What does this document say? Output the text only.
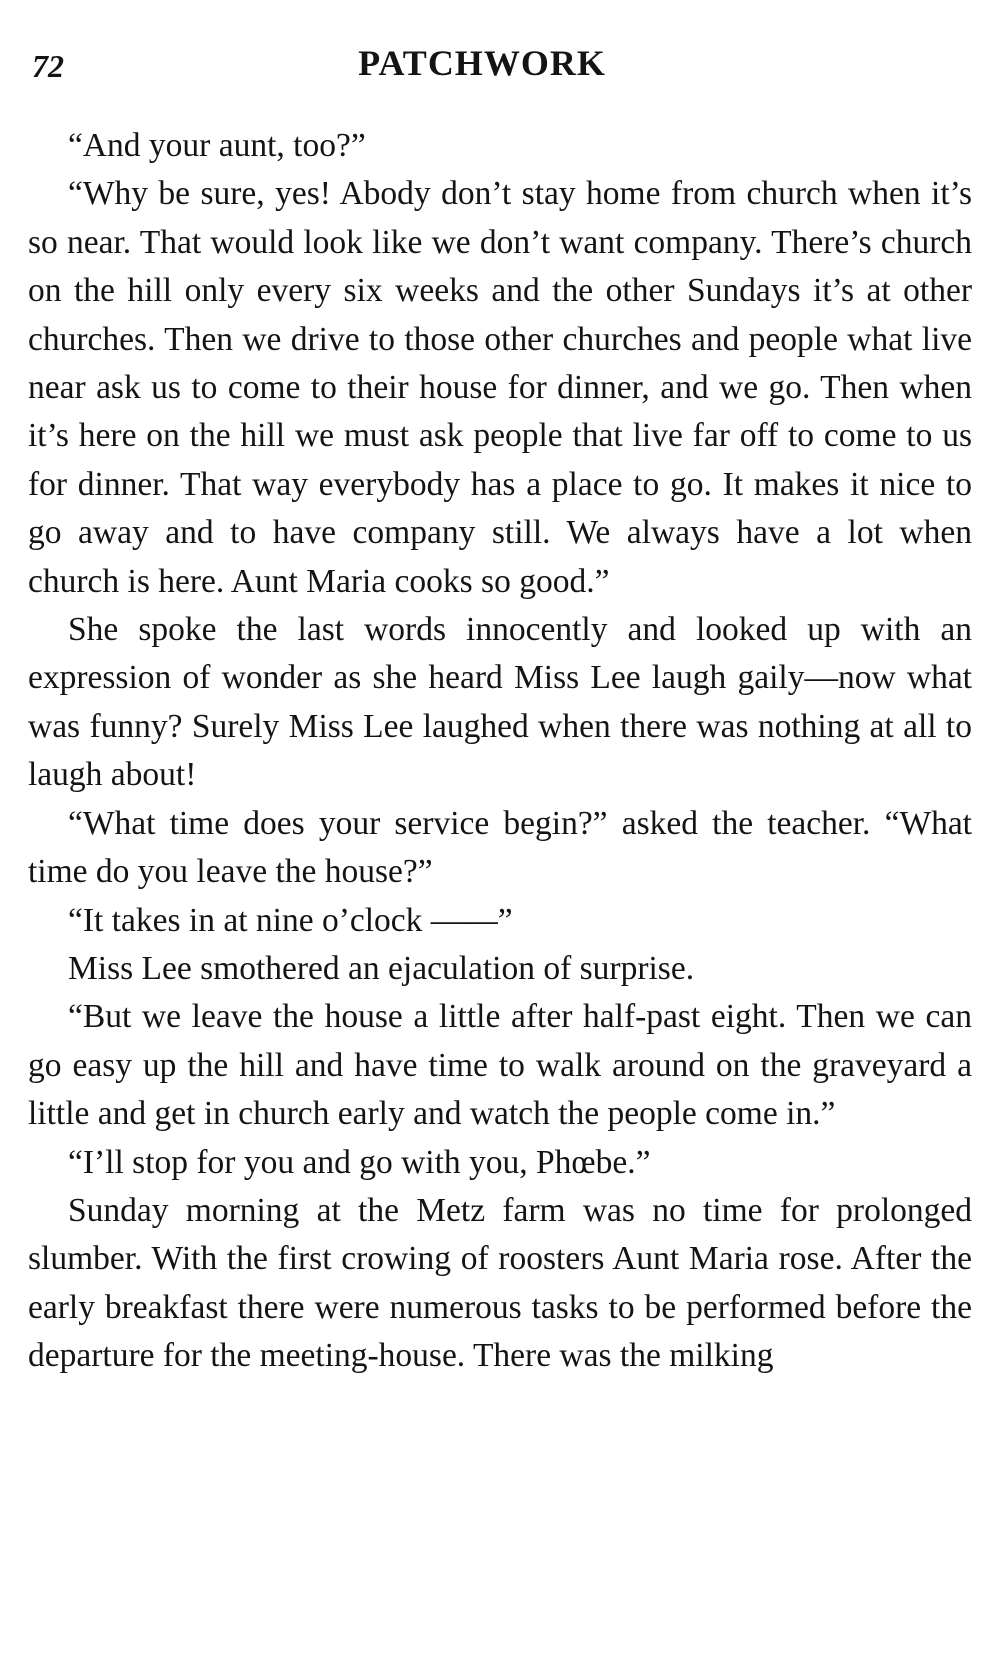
72	PATCHWORK

“And your aunt, too?”

“Why be sure, yes! Abody don’t stay home from church when it’s so near. That would look like we don’t want company. There’s church on the hill only every six weeks and the other Sundays it’s at other churches. Then we drive to those other churches and people what live near ask us to come to their house for dinner, and we go. Then when it’s here on the hill we must ask people that live far off to come to us for dinner. That way everybody has a place to go. It makes it nice to go away and to have company still. We always have a lot when church is here. Aunt Maria cooks so good.”

She spoke the last words innocently and looked up with an expression of wonder as she heard Miss Lee laugh gaily—now what was funny? Surely Miss Lee laughed when there was nothing at all to laugh about!

“What time does your service begin?” asked the teacher. “What time do you leave the house?”

“It takes in at nine o’clock ——”

Miss Lee smothered an ejaculation of surprise.

“But we leave the house a little after half-past eight. Then we can go easy up the hill and have time to walk around on the graveyard a little and get in church early and watch the people come in.”

“I’ll stop for you and go with you, Phœbe.”

Sunday morning at the Metz farm was no time for prolonged slumber. With the first crowing of roosters Aunt Maria rose. After the early breakfast there were numerous tasks to be performed before the departure for the meeting-house. There was the milking
